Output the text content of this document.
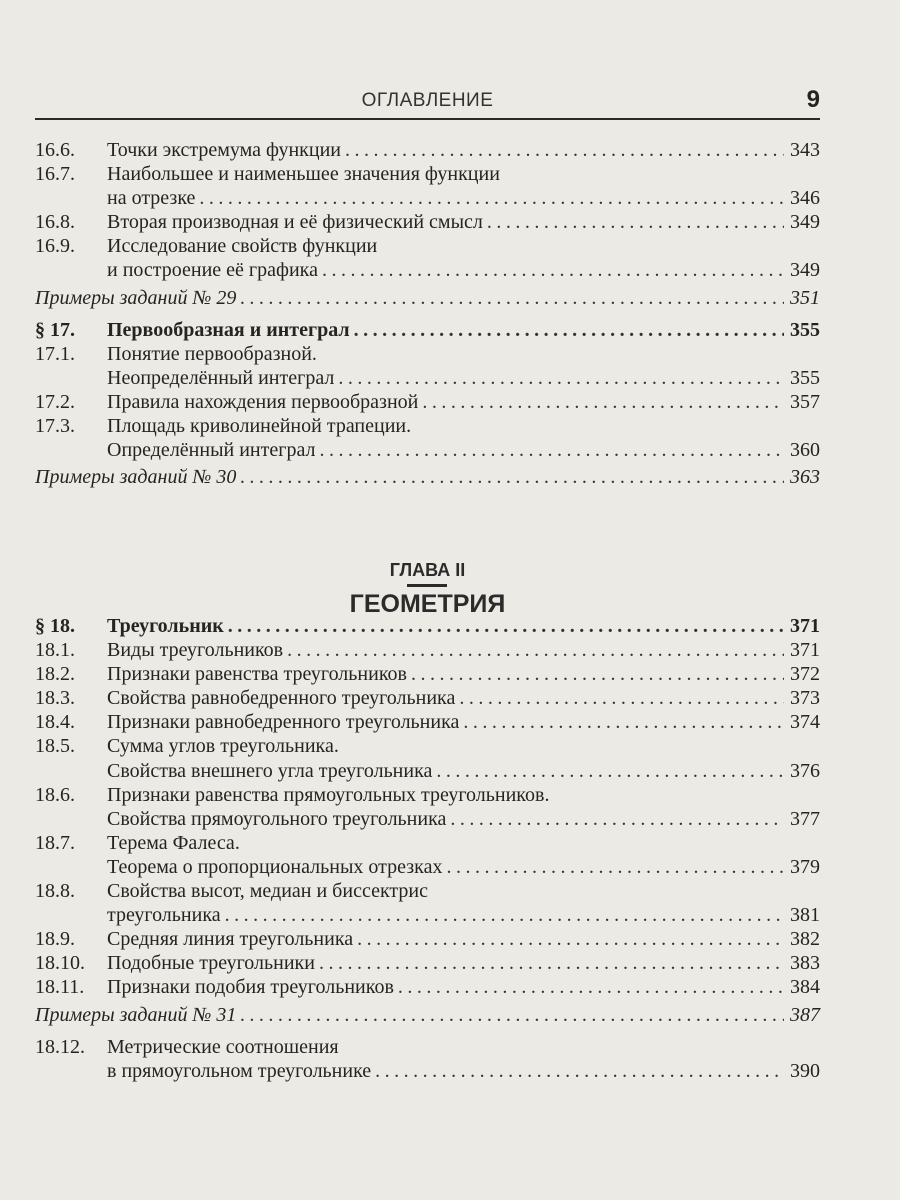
ОГЛАВЛЕНИЕ	9
16.6.	Точки экстремума функции . . .	343
16.7.	Наибольшее и наименьшее значения функции
на отрезке . . .	346
16.8.	Вторая производная и её физический смысл . . .	349
16.9.	Исследование свойств функции
и построение её графика . . .	349
Примеры заданий № 29 . . .	351
§ 17.	Первообразная и интеграл . . .	355
17.1.	Понятие первообразной.
Неопределённый интеграл . . .	355
17.2.	Правила нахождения первообразной . . .	357
17.3.	Площадь криволинейной трапеции.
Определённый интеграл . . .	360
Примеры заданий № 30 . . .	363
ГЛАВА II
ГЕОМЕТРИЯ
§ 18.	Треугольник . . .	371
18.1.	Виды треугольников . . .	371
18.2.	Признаки равенства треугольников . . .	372
18.3.	Свойства равнобедренного треугольника . . .	373
18.4.	Признаки равнобедренного треугольника . . .	374
18.5.	Сумма углов треугольника.
Свойства внешнего угла треугольника . . .	376
18.6.	Признаки равенства прямоугольных треугольников.
Свойства прямоугольного треугольника . . .	377
18.7.	Терема Фалеса.
Теорема о пропорциональных отрезках . . .	379
18.8.	Свойства высот, медиан и биссектрис
треугольника . . .	381
18.9.	Средняя линия треугольника . . .	382
18.10.	Подобные треугольники . . .	383
18.11.	Признаки подобия треугольников . . .	384
Примеры заданий № 31 . . .	387
18.12.	Метрические соотношения
в прямоугольном треугольнике . . .	390
